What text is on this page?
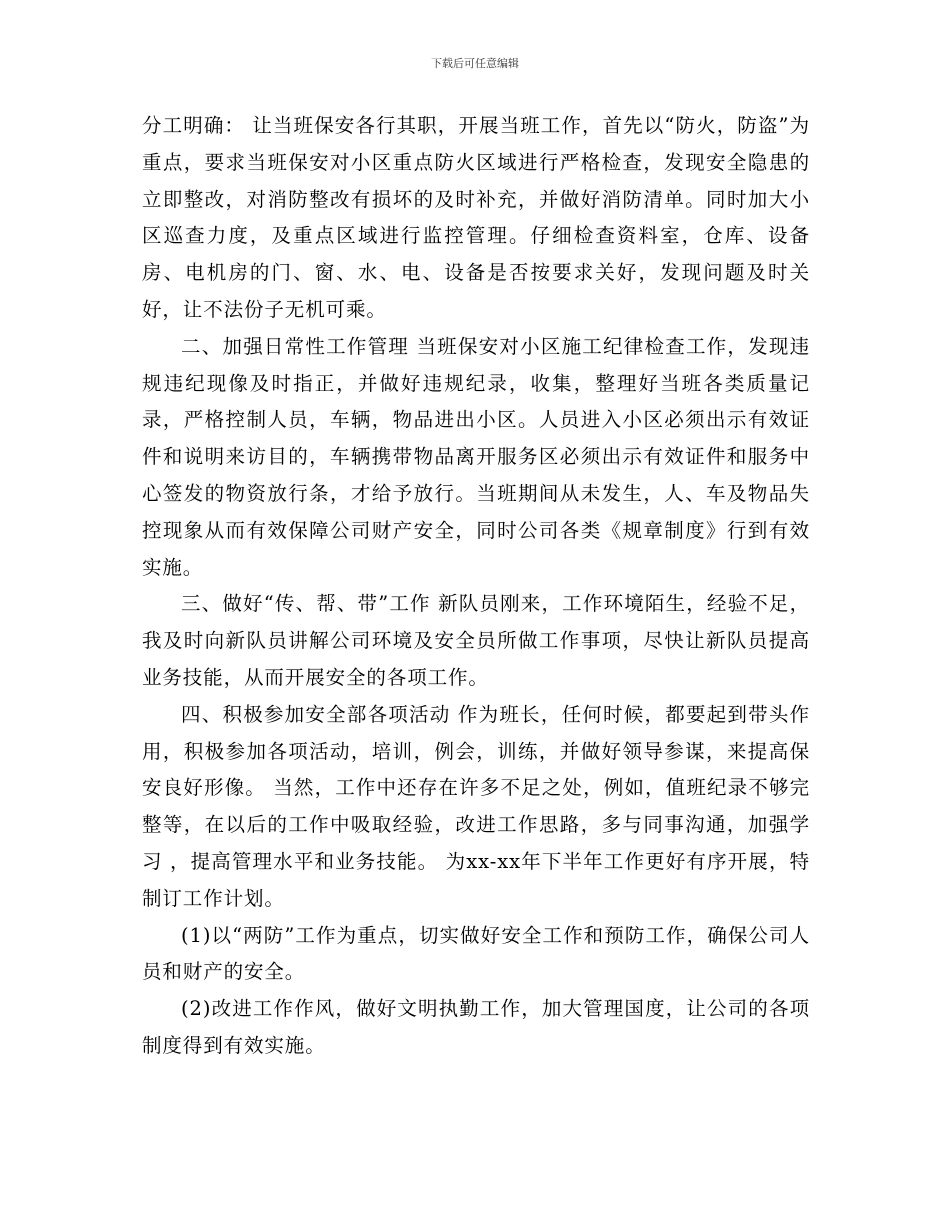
下载后可任意编辑

分工明确： 让当班保安各行其职，开展当班工作，首先以“防火，防盗”为重点，要求当班保安对小区重点防火区域进行严格检查，发现安全隐患的立即整改，对消防整改有损坏的及时补充，并做好消防清单。同时加大小区巡查力度，及重点区域进行监控管理。仔细检查资料室，仓库、设备房、电机房的门、窗、水、电、设备是否按要求关好，发现问题及时关好，让不法份子无机可乘。

二、加强日常性工作管理 当班保安对小区施工纪律检查工作，发现违规违纪现像及时指正，并做好违规纪录，收集，整理好当班各类质量记录，严格控制人员，车辆，物品进出小区。人员进入小区必须出示有效证件和说明来访目的，车辆携带物品离开服务区必须出示有效证件和服务中心签发的物资放行条，才给予放行。当班期间从未发生，人、车及物品失控现象从而有效保障公司财产安全，同时公司各类《规章制度》行到有效实施。

三、做好“传、帮、带”工作 新队员刚来，工作环境陌生，经验不足，我及时向新队员讲解公司环境及安全员所做工作事项，尽快让新队员提高业务技能，从而开展安全的各项工作。

四、积极参加安全部各项活动 作为班长，任何时候，都要起到带头作用，积极参加各项活动，培训，例会，训练，并做好领导参谋，来提高保安良好形像。 当然，工作中还存在许多不足之处，例如，值班纪录不够完整等，在以后的工作中吸取经验，改进工作思路，多与同事沟通，加强学习 ，提高管理水平和业务技能。 为xx-xx年下半年工作更好有序开展，特制订工作计划。

(1)以“两防”工作为重点，切实做好安全工作和预防工作，确保公司人员和财产的安全。

(2)改进工作作风，做好文明执勤工作，加大管理国度，让公司的各项制度得到有效实施。
